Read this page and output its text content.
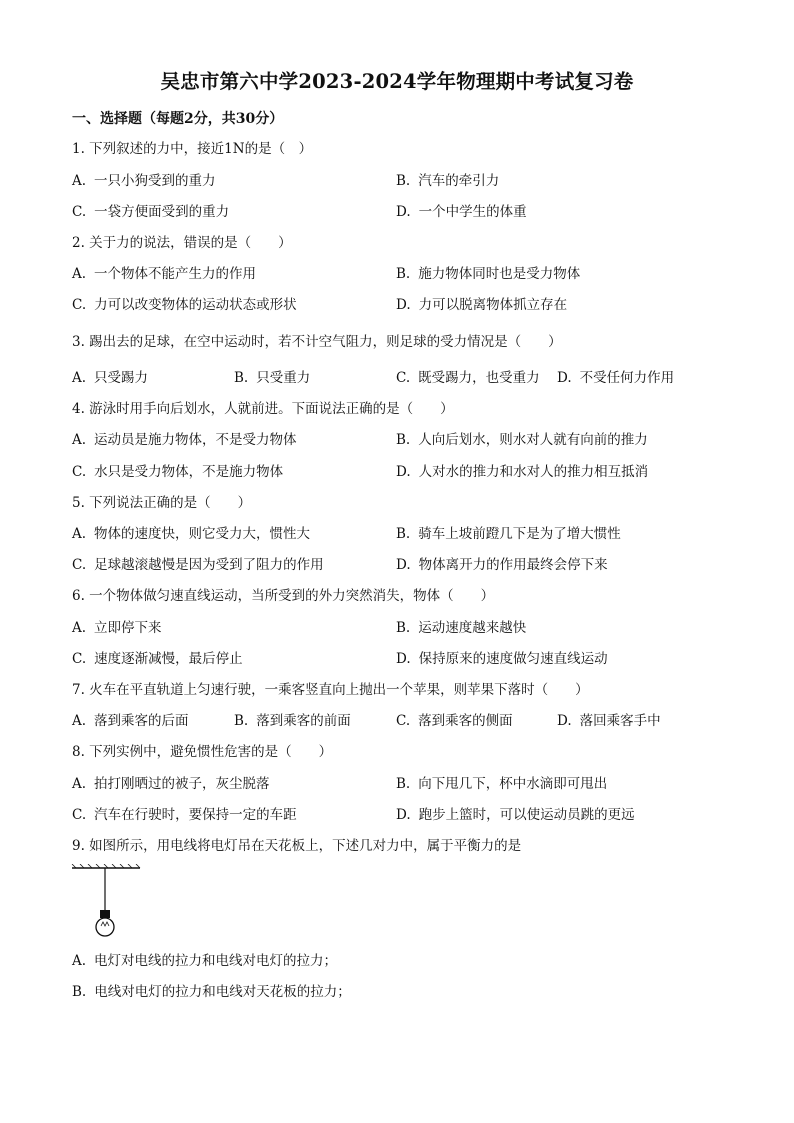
吴忠市第六中学2023-2024学年物理期中考试复习卷
一、选择题（每题2分，共30分）
1. 下列叙述的力中，接近1N的是（　）
A. 一只小狗受到的重力	B. 汽车的牵引力
C. 一袋方便面受到的重力	D. 一个中学生的体重
2. 关于力的说法，错误的是（　　）
A. 一个物体不能产生力的作用	B. 施力物体同时也是受力物体
C. 力可以改变物体的运动状态或形状	D. 力可以脱离物体抓立存在
3. 踢出去的足球，在空中运动时，若不计空气阻力，则足球的受力情况是（　　）
A. 只受踢力	B. 只受重力	C. 既受踢力，也受重力 D. 不受任何力作用
4. 游泳时用手向后划水，人就前进。下面说法正确的是（　　）
A. 运动员是施力物体，不是受力物体	B. 人向后划水，则水对人就有向前的推力
C. 水只是受力物体，不是施力物体	D. 人对水的推力和水对人的推力相互抵消
5. 下列说法正确的是（　　）
A. 物体的速度快，则它受力大，惯性大	B. 骑车上坡前蹬几下是为了增大惯性
C. 足球越滚越慢是因为受到了阻力的作用	D. 物体离开力的作用最终会停下来
6. 一个物体做匀速直线运动，当所受到的外力突然消失，物体（　　）
A. 立即停下来	B. 运动速度越来越快
C. 速度逐渐减慢，最后停止	D. 保持原来的速度做匀速直线运动
7. 火车在平直轨道上匀速行驶，一乘客竖直向上抛出一个苹果，则苹果下落时（　　）
A. 落到乘客的后面	B. 落到乘客的前面	C. 落到乘客的侧面	D. 落回乘客手中
8. 下列实例中，避免惯性危害的是（　　）
A. 拍打刚晒过的被子，灰尘脱落	B. 向下甩几下，杯中水滴即可甩出
C. 汽车在行驶时，要保持一定的车距	D. 跑步上篮时，可以使运动员跳的更远
9. 如图所示，用电线将电灯吊在天花板上，下述几对力中，属于平衡力的是
A. 电灯对电线的拉力和电线对电灯的拉力；
B. 电线对电灯的拉力和电线对天花板的拉力；
